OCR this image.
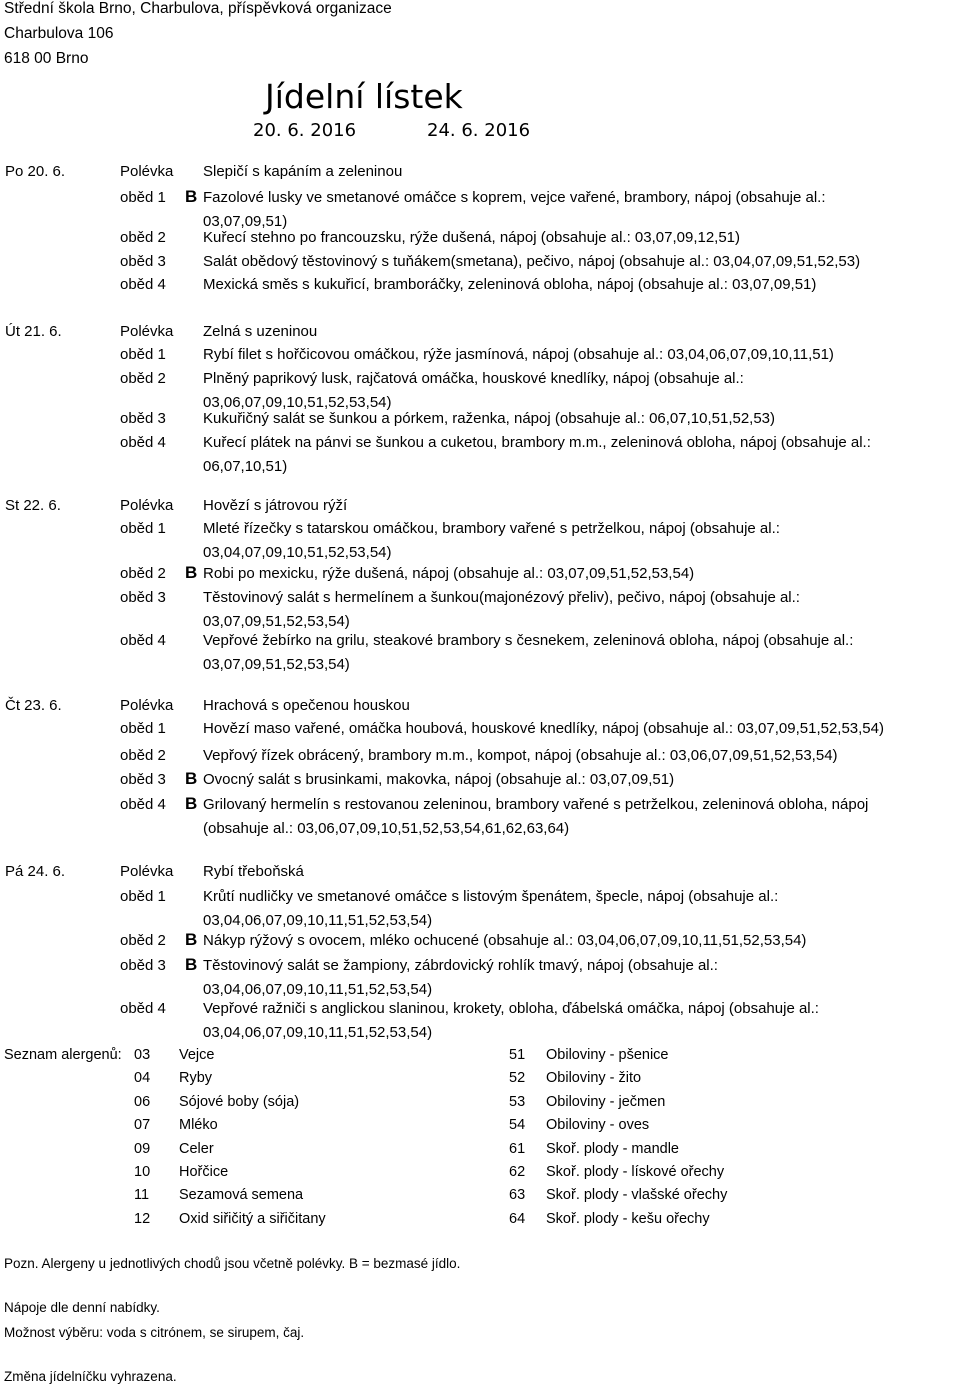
Střední škola Brno, Charbulova, příspěvková organizace
Charbulova 106
618 00 Brno
Jídelní lístek
20. 6. 2016	24. 6. 2016
Po 20. 6.	Polévka Slepičí s kapáním a zeleninou
oběd 1 B Fazolové lusky ve smetanové omáčce s koprem, vejce vařené, brambory, nápoj (obsahuje al.:
03,07,09,51)
oběd 2 Kuřecí stehno po francouzsku, rýže dušená, nápoj (obsahuje al.: 03,07,09,12,51)
oběd 3 Salát obědový těstovinový s tuňákem(smetana), pečivo, nápoj (obsahuje al.: 03,04,07,09,51,52,53)
oběd 4 Mexická směs s kukuřicí, bramboráčky, zeleninová obloha, nápoj (obsahuje al.: 03,07,09,51)
Út 21. 6.	Polévka Zelná s uzeninou
oběd 1 Rybí filet s hořčicovou omáčkou, rýže jasmínová, nápoj (obsahuje al.: 03,04,06,07,09,10,11,51)
oběd 2 Plněný paprikový lusk, rajčatová omáčka, houskové knedlíky, nápoj (obsahuje al.:
03,06,07,09,10,51,52,53,54)
oběd 3 Kukuřičný salát se šunkou a pórkem, raženka, nápoj (obsahuje al.: 06,07,10,51,52,53)
oběd 4 Kuřecí plátek na pánvi se šunkou a cuketou, brambory m.m., zeleninová obloha, nápoj (obsahuje al.:
06,07,10,51)
St 22. 6.	Polévka Hovězí s játrovou rýží
oběd 1 Mleté řízečky s tatarskou omáčkou, brambory vařené s petrželkou, nápoj (obsahuje al.:
03,04,07,09,10,51,52,53,54)
oběd 2 B Robi po mexicku, rýže dušená, nápoj (obsahuje al.: 03,07,09,51,52,53,54)
oběd 3 Těstovinový salát s hermelínem a šunkou(majonézový přeliv), pečivo, nápoj (obsahuje al.:
03,07,09,51,52,53,54)
oběd 4 Vepřové žebírko na grilu, steakové brambory s česnekem, zeleninová obloha, nápoj (obsahuje al.:
03,07,09,51,52,53,54)
Čt 23. 6.	Polévka Hrachová s opečenou houskou
oběd 1 Hovězí maso vařené, omáčka houbová, houskové knedlíky, nápoj (obsahuje al.: 03,07,09,51,52,53,54)
oběd 2 Vepřový řízek obrácený, brambory m.m., kompot, nápoj (obsahuje al.: 03,06,07,09,51,52,53,54)
oběd 3 B Ovocný salát s brusinkami, makovka, nápoj (obsahuje al.: 03,07,09,51)
oběd 4 B Grilovaný hermelín s restovanou zeleninou, brambory vařené s petrželkou, zeleninová obloha, nápoj
(obsahuje al.: 03,06,07,09,10,51,52,53,54,61,62,63,64)
Pá 24. 6.	Polévka Rybí třeboňská
oběd 1 Krůtí nudličky ve smetanové omáčce s listovým špenátem, špecle, nápoj (obsahuje al.:
03,04,06,07,09,10,11,51,52,53,54)
oběd 2 B Nákyp rýžový s ovocem, mléko ochucené (obsahuje al.: 03,04,06,07,09,10,11,51,52,53,54)
oběd 3 B Těstovinový salát se žampiony, zábrdovický rohlík tmavý, nápoj (obsahuje al.:
03,04,06,07,09,10,11,51,52,53,54)
oběd 4 Vepřové ražniči s anglickou slaninou, krokety, obloha, ďábelská omáčka, nápoj (obsahuje al.:
03,04,06,07,09,10,11,51,52,53,54)
Seznam alergenů: 03 Vejce
04 Ryby
06 Sójové boby (sója)
07 Mléko
09 Celer
10 Hořčice
11 Sezamová semena
12 Oxid siřičitý a siřičitany
51 Obiloviny - pšenice
52 Obiloviny - žito
53 Obiloviny - ječmen
54 Obiloviny - oves
61 Skoř. plody - mandle
62 Skoř. plody - lískové ořechy
63 Skoř. plody - vlašské ořechy
64 Skoř. plody - kešu ořechy
Pozn. Alergeny u jednotlivých chodů jsou včetně polévky. B = bezmasé jídlo.
Nápoje dle denní nabídky.
Možnost výběru: voda s citrónem, se sirupem, čaj.
Změna jídelníčku vyhrazena.
